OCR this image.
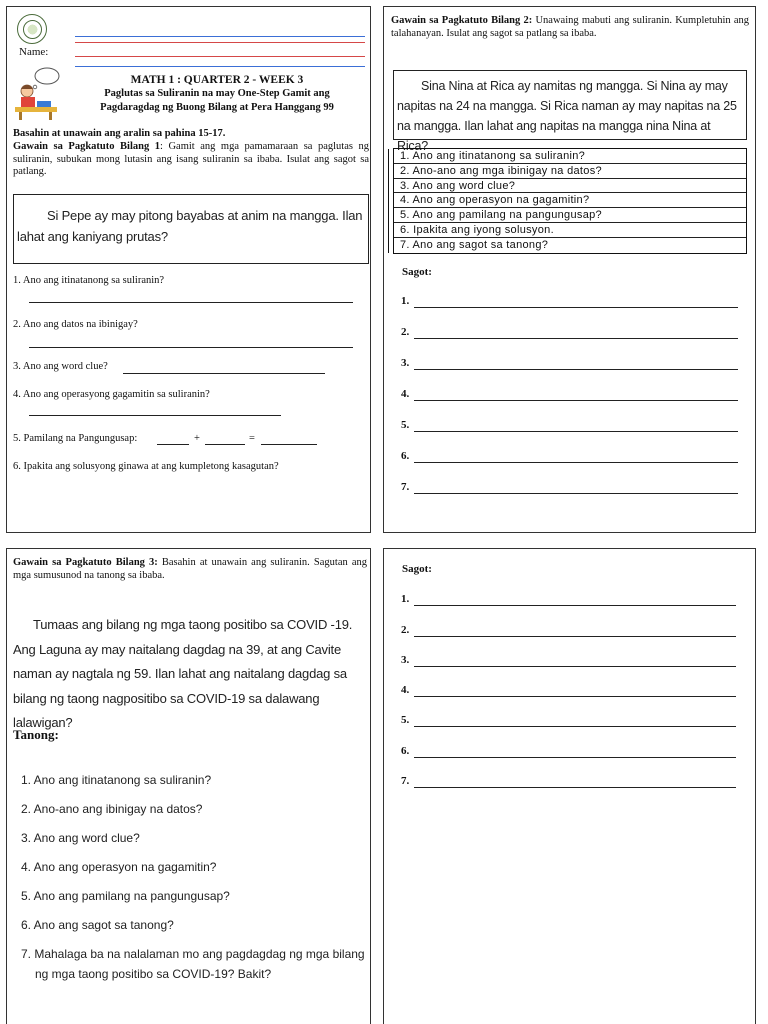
Name:
MATH 1 : QUARTER 2 - WEEK 3
Paglutas sa Suliranin na may One-Step Gamit ang
Pagdaragdag ng Buong Bilang at Pera Hanggang 99
Basahin at unawain ang aralin sa pahina 15-17.
Gawain sa Pagkatuto Bilang 1: Gamit ang mga pamamaraan sa paglutas ng suliranin, subukan mong lutasin ang isang suliranin sa ibaba. Isulat ang sagot sa patlang.
Si Pepe ay may pitong bayabas at anim na mangga. Ilan lahat ang kaniyang prutas?
1. Ano ang itinatanong sa suliranin?
2. Ano ang datos na ibinigay?
3. Ano ang word clue?
4. Ano ang operasyong gagamitin sa suliranin?
5. Pamilang na Pangungusap:	+	=
6. Ipakita ang solusyong ginawa at ang kumpletong kasagutan?
Gawain sa Pagkatuto Bilang 2: Unawaing mabuti ang suliranin. Kumpletuhin ang talahanayan. Isulat ang sagot sa patlang sa ibaba.
Sina Nina at Rica ay namitas ng mangga. Si Nina ay may napitas na 24 na mangga. Si Rica naman ay may napitas na 25 na mangga. Ilan lahat ang napitas na mangga nina Nina at Rica?
1. Ano ang itinatanong sa suliranin?
2. Ano-ano ang mga ibinigay na datos?
3. Ano ang word clue?
4. Ano ang operasyon na gagamitin?
5. Ano ang pamilang na pangungusap?
6. Ipakita ang iyong solusyon.
7. Ano ang sagot sa tanong?
Sagot:
1.
2.
3.
4.
5.
6.
7.
Gawain sa Pagkatuto Bilang 3: Basahin at unawain ang suliranin. Sagutan ang mga sumusunod na tanong sa ibaba.
Tumaas ang bilang ng mga taong positibo sa COVID -19. Ang Laguna ay may naitalang dagdag na 39, at ang Cavite naman ay nagtala ng 59. Ilan lahat ang naitalang dagdag sa bilang ng taong nagpositibo sa COVID-19 sa dalawang lalawigan?
Tanong:
1. Ano ang itinatanong sa suliranin?
2. Ano-ano ang ibinigay na datos?
3. Ano ang word clue?
4. Ano ang operasyon na gagamitin?
5. Ano ang pamilang na pangungusap?
6. Ano ang sagot sa tanong?
7. Mahalaga ba na nalalaman mo ang pagdagdag ng mga bilang ng mga taong positibo sa COVID-19? Bakit?
Sagot:
1.
2.
3.
4.
5.
6.
7.
